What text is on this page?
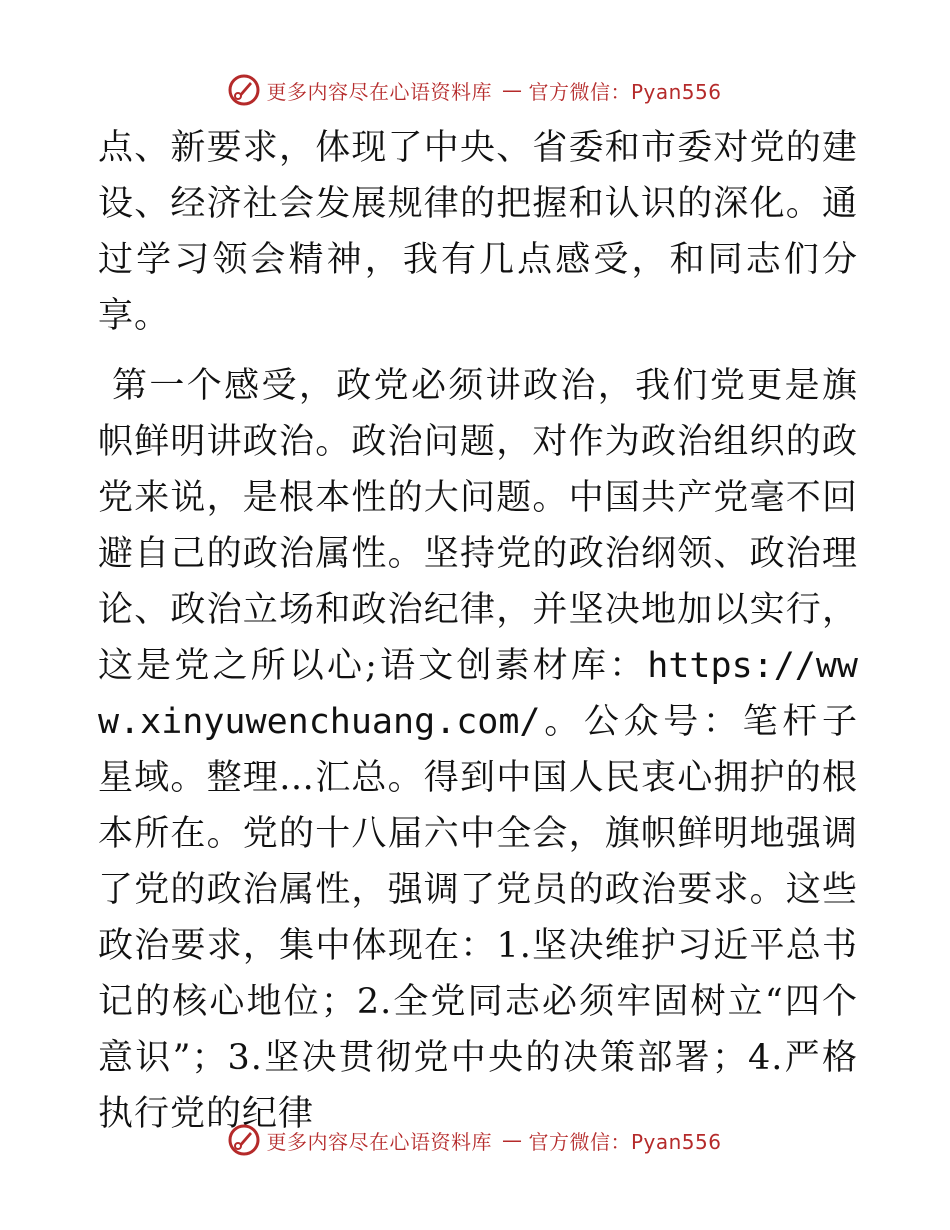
更多内容尽在心语资料库 — 官方微信：Pyan556

点、新要求，体现了中央、省委和市委对党的建设、经济社会发展规律的把握和认识的深化。通过学习领会精神，我有几点感受，和同志们分享。

第一个感受，政党必须讲政治，我们党更是旗帜鲜明讲政治。政治问题，对作为政治组织的政党来说，是根本性的大问题。中国共产党毫不回避自己的政治属性。坚持党的政治纲领、政治理论、政治立场和政治纪律，并坚决地加以实行，这是党之所以心;语文创素材库：https://www.xinyuwenchuang.com/。公众号：笔杆子星域。整理…汇总。得到中国人民衷心拥护的根本所在。党的十八届六中全会，旗帜鲜明地强调了党的政治属性，强调了党员的政治要求。这些政治要求，集中体现在：1.坚决维护习近平总书记的核心地位；2.全党同志必须牢固树立“四个意识”；3.坚决贯彻党中央的决策部署；4.严格执行党的纪律

更多内容尽在心语资料库 — 官方微信：Pyan556
